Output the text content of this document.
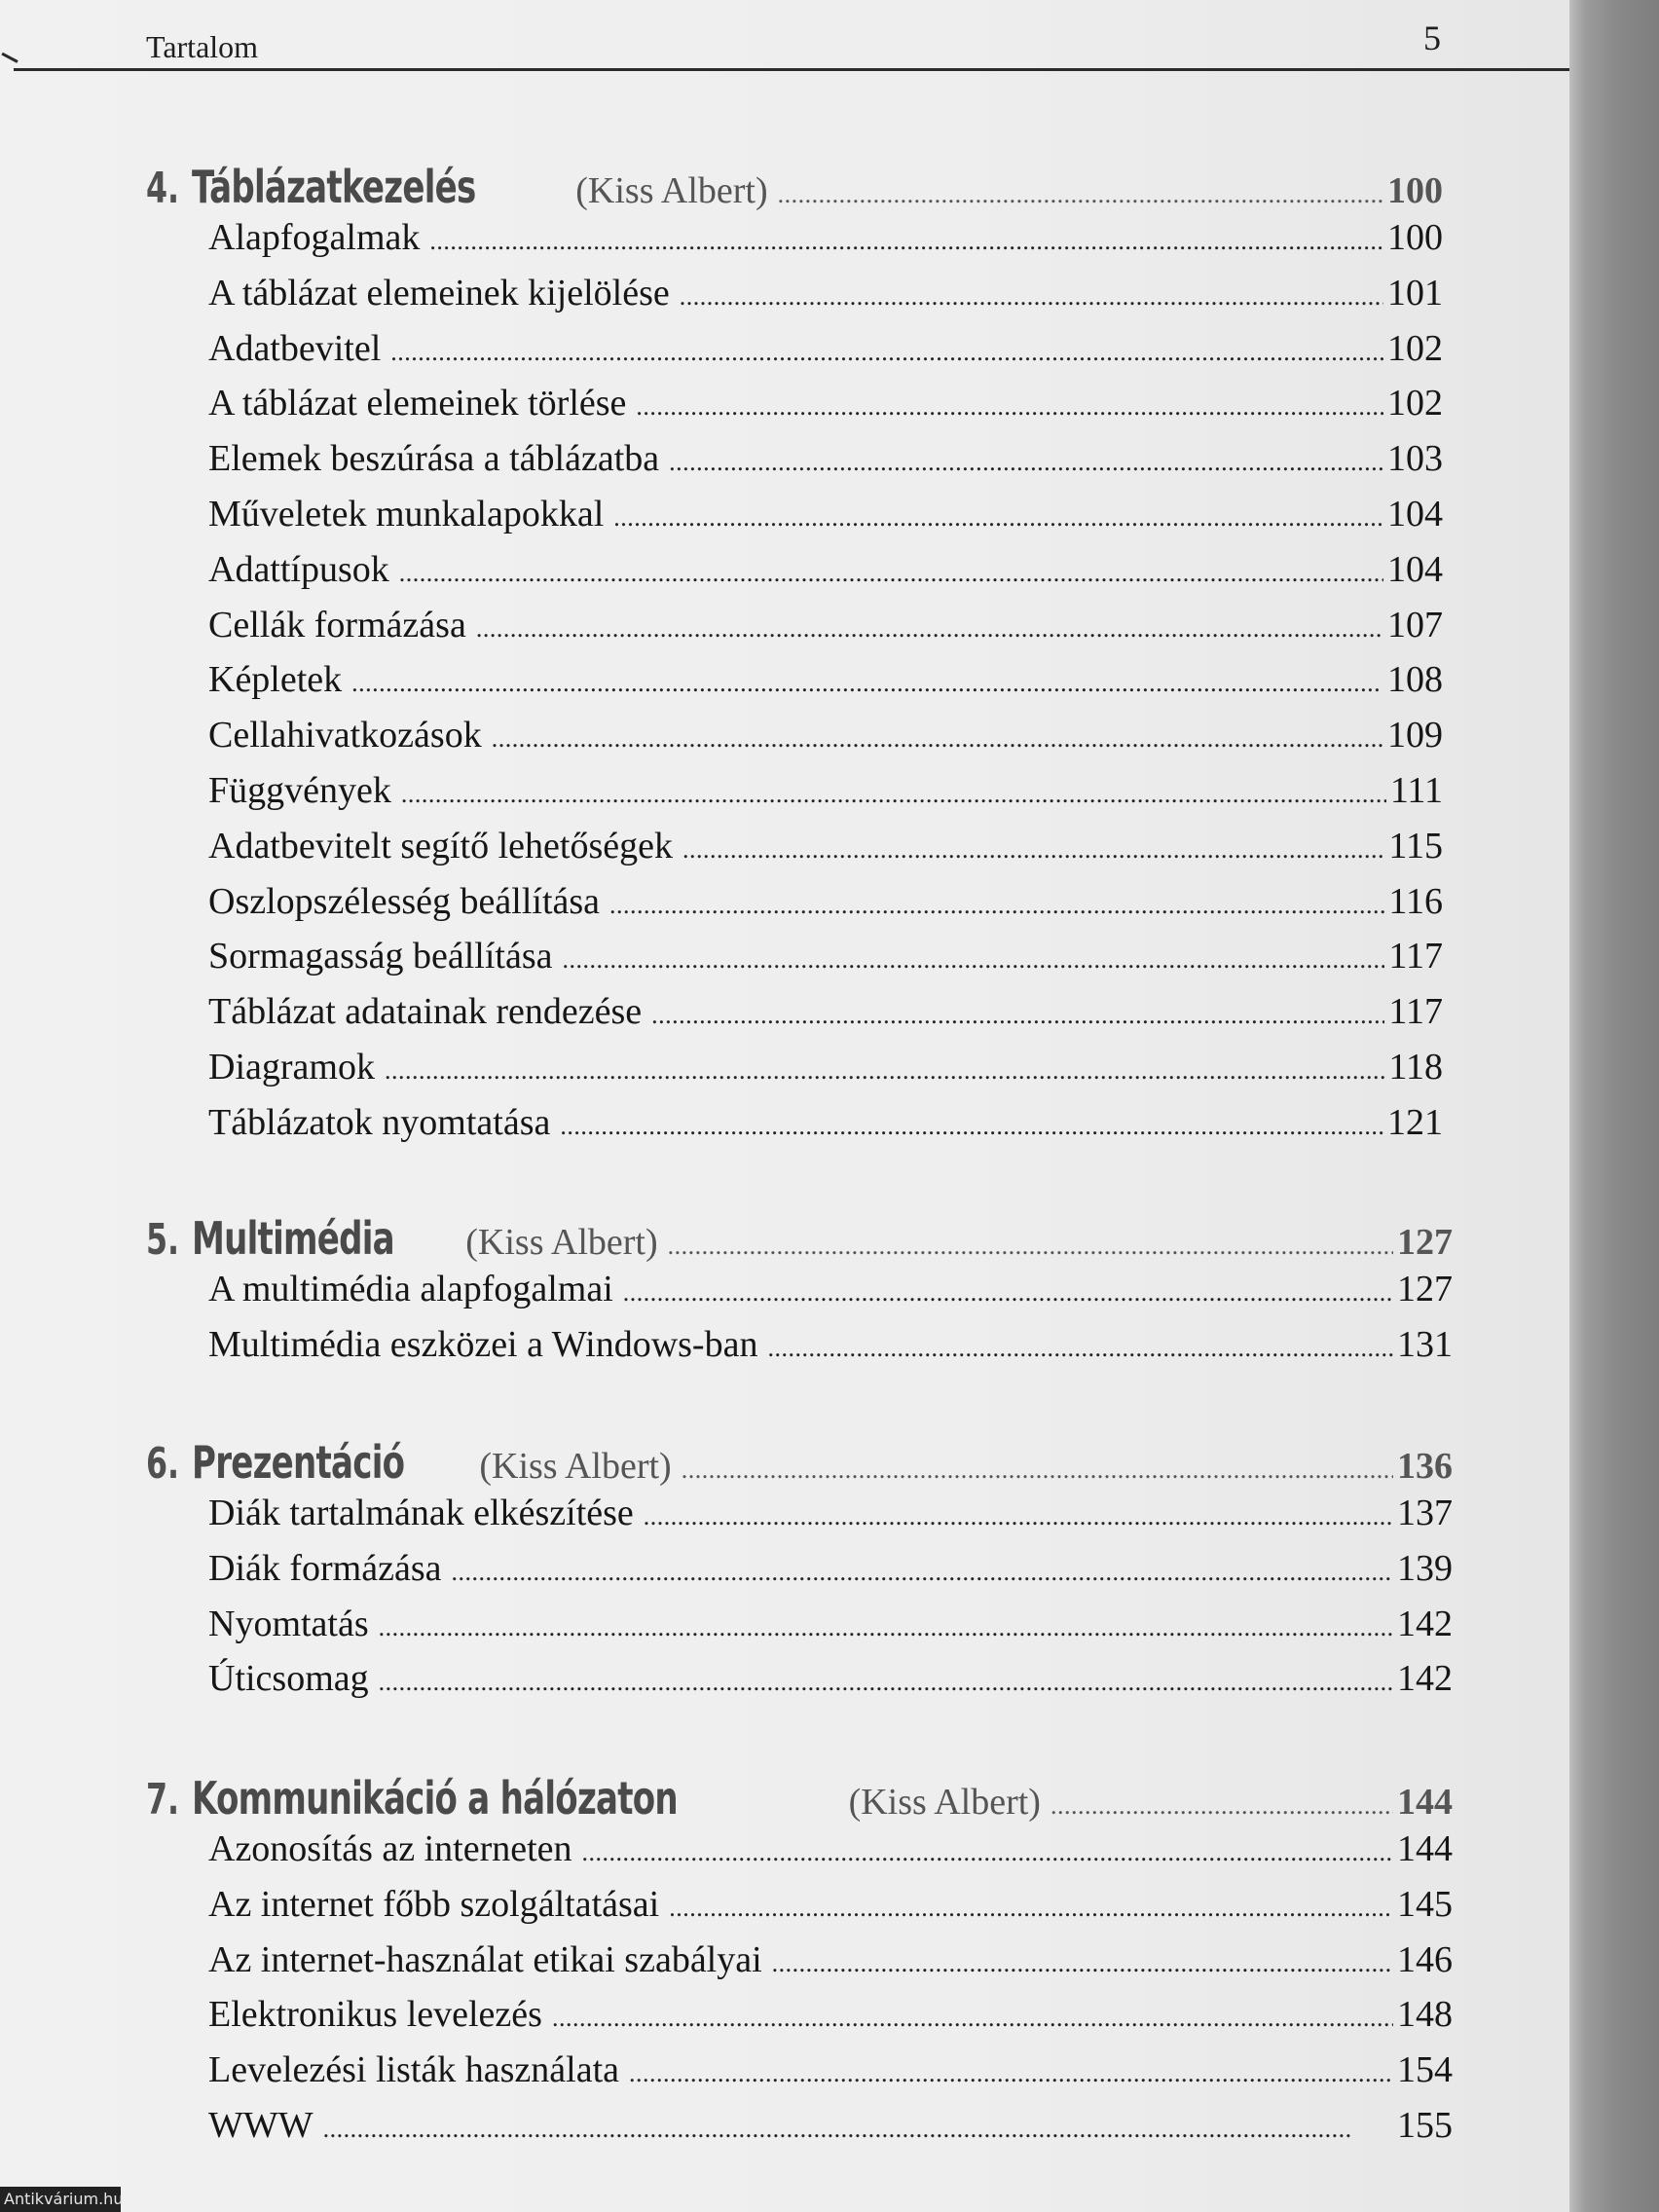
Tartalom	5
4. Táblázatkezelés	(Kiss Albert) . . .	100
Alapfogalmak . . .	100
A táblázat elemeinek kijelölése . . .	101
Adatbevitel . . .	102
A táblázat elemeinek törlése . . .	102
Elemek beszúrása a táblázatba . . .	103
Műveletek munkalapokkal . . .	104
Adattípusok . . .	104
Cellák formázása . . .	107
Képletek . . .	108
Cellahivatkozások . . .	109
Függvények . . .	111
Adatbevitelt segítő lehetőségek . . .	115
Oszlopszélesség beállítása . . .	116
Sormagasság beállítása . . .	117
Táblázat adatainak rendezése . . .	117
Diagramok . . .	118
Táblázatok nyomtatása . . .	121
5. Multimédia (Kiss Albert) . . .	127
A multimédia alapfogalmai . . .	127
Multimédia eszközei a Windows-ban . . .	131
6. Prezentáció (Kiss Albert) . . .	136
Diák tartalmának elkészítése . . .	137
Diák formázása . . .	139
Nyomtatás . . .	142
Úticsomag . . .	142
7. Kommunikáció a hálózaton	(Kiss Albert) . . .	144
Azonosítás az interneten . . .	144
Az internet főbb szolgáltatásai . . .	145
Az internet-használat etikai szabályai . . .	146
Elektronikus levelezés . . .	148
Levelezési listák használata . . .	154
WWW . . .	155
Antikvárium.hu
